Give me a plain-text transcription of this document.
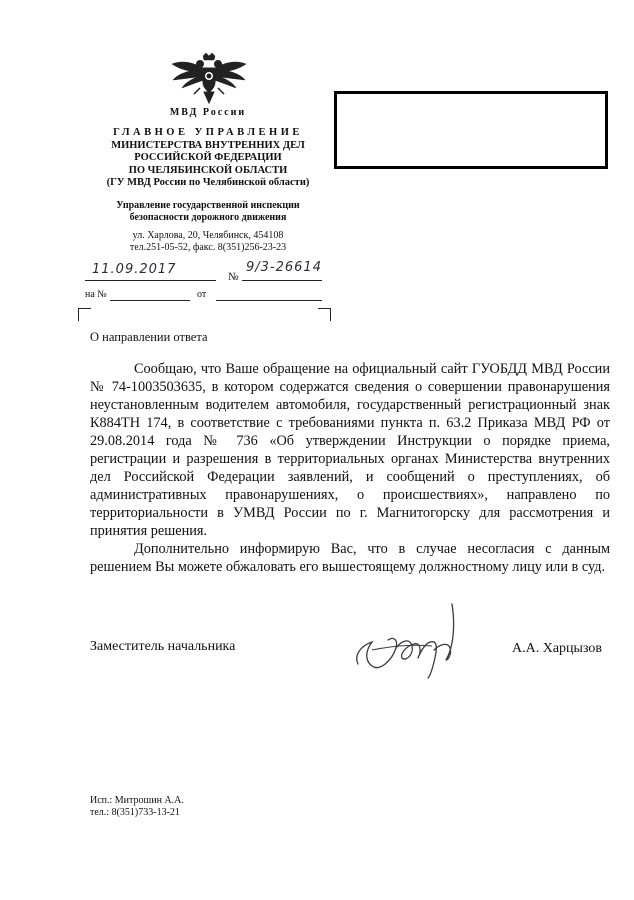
МВД России
ГЛАВНОЕ УПРАВЛЕНИЕ
МИНИСТЕРСТВА ВНУТРЕННИХ ДЕЛ
РОССИЙСКОЙ ФЕДЕРАЦИИ
ПО ЧЕЛЯБИНСКОЙ ОБЛАСТИ
(ГУ МВД России по Челябинской области)
Управление государственной инспекции
безопасности дорожного движения
ул. Харлова, 20, Челябинск, 454108
тел.251-05-52, факс. 8(351)256-23-23
11.09.2017	№
9/3-26614
на №	от
О направлении ответа

Сообщаю, что Ваше обращение на официальный сайт ГУОБДД МВД России № 74-1003503635, в котором содержатся сведения о совершении правонарушения неустановленным водителем автомобиля, государственный регистрационный знак К884ТН 174, в соответствие с требованиями пункта п. 63.2 Приказа МВД РФ от 29.08.2014 года № 736 «Об утверждении Инструкции о порядке приема, регистрации и разрешения в территориальных органах Министерства внутренних дел Российской Федерации заявлений, и сообщений о преступлениях, об административных правонарушениях, о происшествиях», направлено по территориальности в УМВД России по г. Магнитогорску для рассмотрения и принятия решения.

Дополнительно информирую Вас, что в случае несогласия с данным решением Вы можете обжаловать его вышестоящему должностному лицу или в суд.

Заместитель начальника	А.А. Харцызов
Исп.: Митрошин А.А.
тел.: 8(351)733-13-21
